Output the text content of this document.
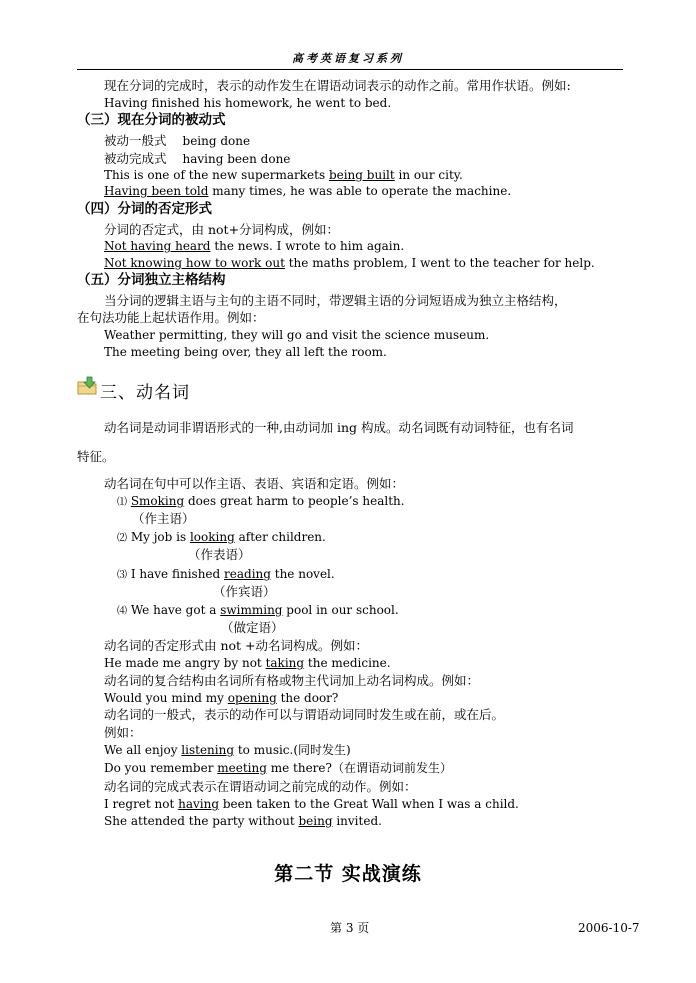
高考英语复习系列
现在分词的完成时，表示的动作发生在谓语动词表示的动作之前。常用作状语。例如:
Having finished his homework, he went to bed.
（三）现在分词的被动式
被动一般式 being done
被动完成式 having been done
This is one of the new supermarkets being built in our city.
Having been told many times, he was able to operate the machine.
（四）分词的否定形式
分词的否定式，由 not+分词构成，例如：
Not having heard the news. I wrote to him again.
Not knowing how to work out the maths problem, I went to the teacher for help.
（五）分词独立主格结构
当分词的逻辑主语与主句的主语不同时，带逻辑主语的分词短语成为独立主格结构，
在句法功能上起状语作用。例如：
Weather permitting, they will go and visit the science museum.
The meeting being over, they all left the room.
三、动名词
动名词是动词非谓语形式的一种,由动词加 ing 构成。动名词既有动词特征，也有名词
特征。
动名词在句中可以作主语、表语、宾语和定语。例如：
⑴ Smoking does great harm to people’s health.
（作主语）
⑵ My job is looking after children.
（作表语）
⑶ I have finished reading the novel.
（作宾语）
⑷ We have got a swimming pool in our school.
（做定语）
动名词的否定形式由 not +动名词构成。例如：
He made me angry by not taking the medicine.
动名词的复合结构由名词所有格或物主代词加上动名词构成。例如：
Would you mind my opening the door?
动名词的一般式，表示的动作可以与谓语动词同时发生或在前，或在后。
例如：
We all enjoy listening to music.(同时发生)
Do you remember meeting me there?（在谓语动词前发生）
动名词的完成式表示在谓语动词之前完成的动作。例如：
I regret not having been taken to the Great Wall when I was a child.
She attended the party without being invited.
第二节 实战演练
第 3 页	2006-10-7
